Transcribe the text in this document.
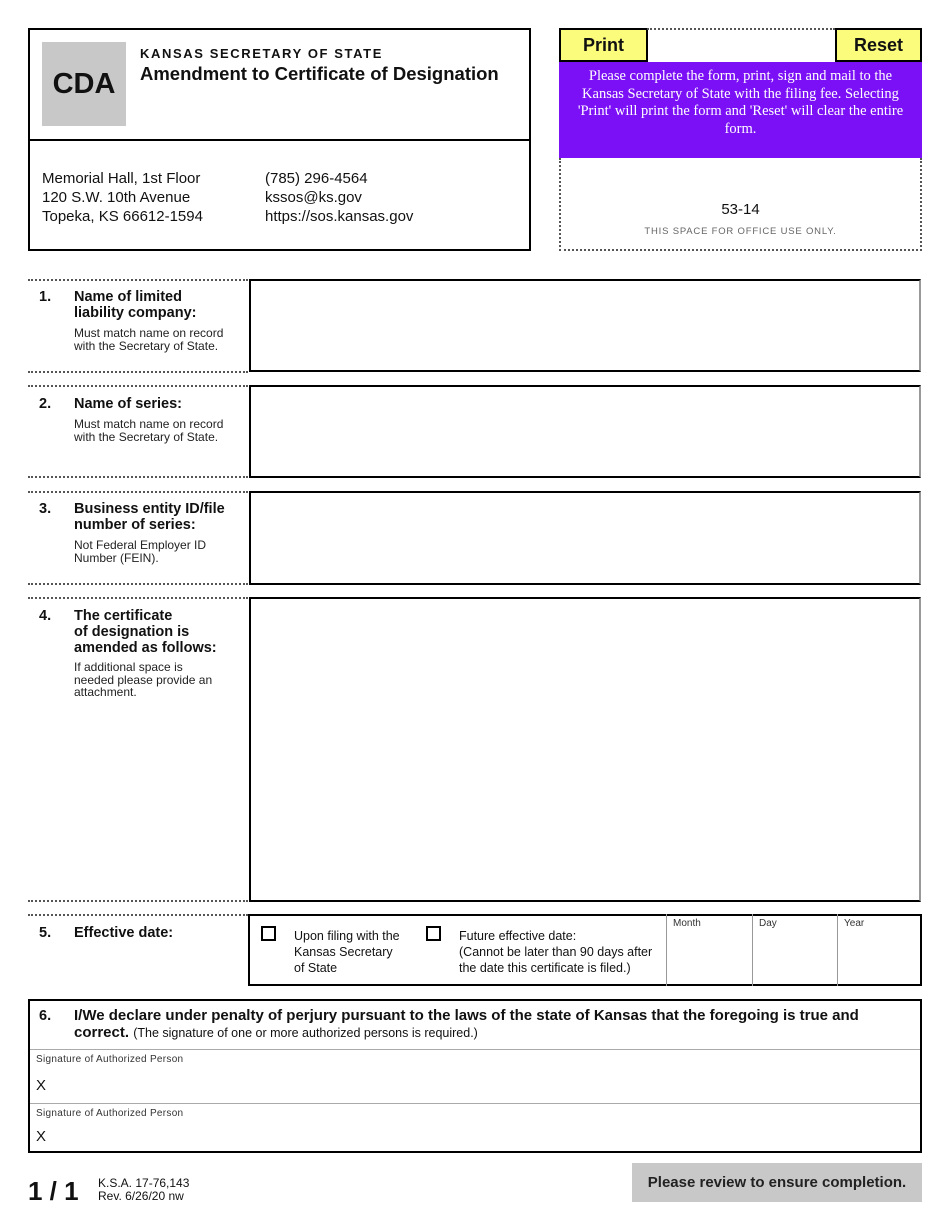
CDA
KANSAS SECRETARY OF STATE
Amendment to Certificate of Designation
Memorial Hall, 1st Floor
120 S.W. 10th Avenue
Topeka, KS 66612-1594
(785) 296-4564
kssos@ks.gov
https://sos.kansas.gov
Print	Reset
Please complete the form, print, sign and mail to the Kansas Secretary of State with the filing fee. Selecting 'Print' will print the form and 'Reset' will clear the entire form.
53-14
THIS SPACE FOR OFFICE USE ONLY.
1. Name of limited
liability company:
Must match name on record
with the Secretary of State.
2. Name of series:
Must match name on record
with the Secretary of State.
3. Business entity ID/file
number of series:
Not Federal Employer ID
Number (FEIN).
4. The certificate
of designation is
amended as follows:
If additional space is
needed please provide an
attachment.
5. Effective date:	Upon filing with the
Kansas Secretary
of State
Future effective date:
(Cannot be later than 90 days after
the date this certificate is filed.)
Month	Day	Year
6. I/We declare under penalty of perjury pursuant to the laws of the state of Kansas that the foregoing is true and correct. (The signature of one or more authorized persons is required.)
Signature of Authorized Person
X
Signature of Authorized Person
X
1 / 1 K.S.A. 17-76,143
Rev. 6/26/20 nw
Please review to ensure completion.
